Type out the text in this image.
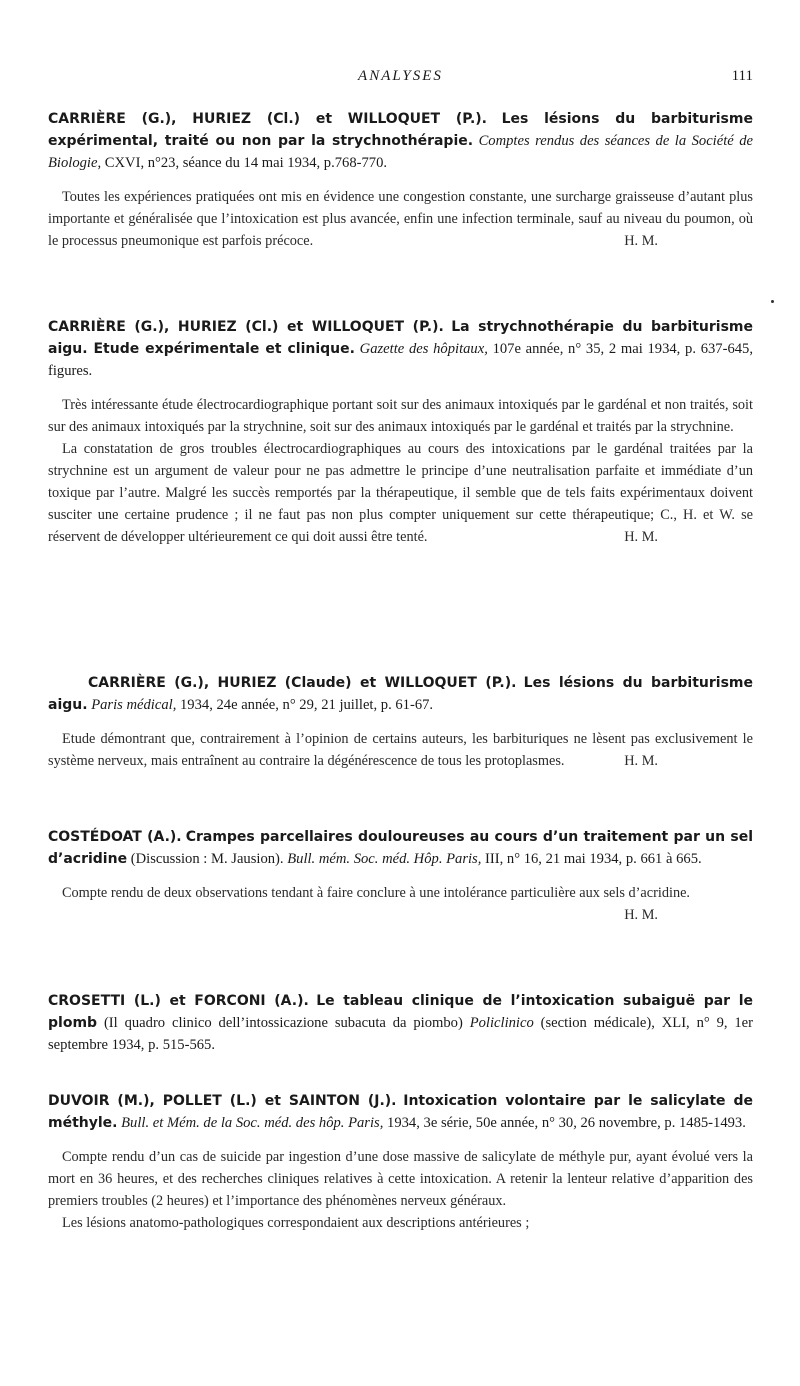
ANALYSES	111

CARRIÈRE (G.), HURIEZ (Cl.) et WILLOQUET (P.). Les lésions du barbiturisme expérimental, traité ou non par la strychnothérapie. Comptes rendus des séances de la Société de Biologie, CXVI, n°23, séance du 14 mai 1934, p.768-770.

Toutes les expériences pratiquées ont mis en évidence une congestion constante, une surcharge graisseuse d’autant plus importante et généralisée que l’intoxication est plus avancée, enfin une infection terminale, sauf au niveau du poumon, où le processus pneumonique est parfois précoce.	H. M.

CARRIÈRE (G.), HURIEZ (Cl.) et WILLOQUET (P.). La strychnothérapie du barbiturisme aigu. Etude expérimentale et clinique. Gazette des hôpitaux, 107e année, n° 35, 2 mai 1934, p. 637-645, figures.

Très intéressante étude électrocardiographique portant soit sur des animaux intoxiqués par le gardénal et non traités, soit sur des animaux intoxiqués par la strychnine, soit sur des animaux intoxiqués par le gardénal et traités par la strychnine.

La constatation de gros troubles électrocardiographiques au cours des intoxications par le gardénal traitées par la strychnine est un argument de valeur pour ne pas admettre le principe d’une neutralisation parfaite et immédiate d’un toxique par l’autre. Malgré les succès remportés par la thérapeutique, il semble que de tels faits expérimentaux doivent susciter une certaine prudence ; il ne faut pas non plus compter uniquement sur cette thérapeutique; C., H. et W. se réservent de développer ultérieurement ce qui doit aussi être tenté.	H. M.

CARRIÈRE (G.), HURIEZ (Claude) et WILLOQUET (P.). Les lésions du barbiturisme aigu. Paris médical, 1934, 24e année, n° 29, 21 juillet, p. 61-67.

Etude démontrant que, contrairement à l’opinion de certains auteurs, les barbituriques ne lèsent pas exclusivement le système nerveux, mais entraînent au contraire la dégénérescence de tous les protoplasmes.	H. M.

COSTÉDOAT (A.). Crampes parcellaires douloureuses au cours d’un traitement par un sel d’acridine (Discussion : M. Jausion). Bull. mém. Soc. méd. Hôp. Paris, III, n° 16, 21 mai 1934, p. 661 à 665.

Compte rendu de deux observations tendant à faire conclure à une intolérance particulière aux sels d’acridine.
H. M.

CROSETTI (L.) et FORCONI (A.). Le tableau clinique de l’intoxication subaiguë par le plomb (Il quadro clinico dell’intossicazione subacuta da piombo) Policlinico (section médicale), XLI, n° 9, 1er septembre 1934, p. 515-565.

DUVOIR (M.), POLLET (L.) et SAINTON (J.). Intoxication volontaire par le salicylate de méthyle. Bull. et Mém. de la Soc. méd. des hôp. Paris, 1934, 3e série, 50e année, n° 30, 26 novembre, p. 1485-1493.

Compte rendu d’un cas de suicide par ingestion d’une dose massive de salicylate de méthyle pur, ayant évolué vers la mort en 36 heures, et des recherches cliniques relatives à cette intoxication. A retenir la lenteur relative d’apparition des premiers troubles (2 heures) et l’importance des phénomènes nerveux généraux.

Les lésions anatomo-pathologiques correspondaient aux descriptions antérieures ;
